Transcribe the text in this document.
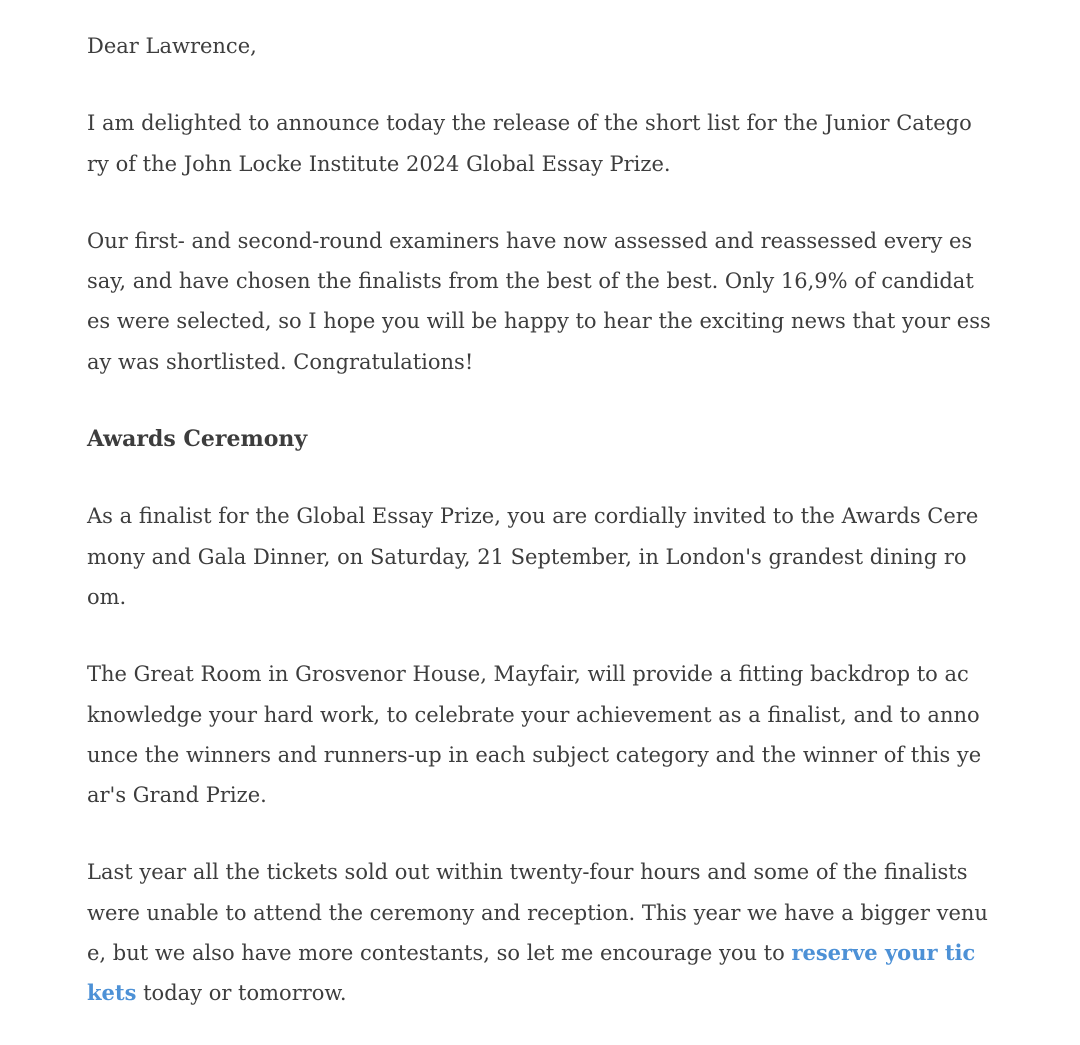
Dear Lawrence,
I am delighted to announce today the release of the short list for the Junior Catego
ry of the John Locke Institute 2024 Global Essay Prize.
Our first- and second-round examiners have now assessed and reassessed every es
say, and have chosen the finalists from the best of the best. Only 16,9% of candidat
es were selected, so I hope you will be happy to hear the exciting news that your ess
ay was shortlisted. Congratulations!
Awards Ceremony
As a finalist for the Global Essay Prize, you are cordially invited to the Awards Cere
mony and Gala Dinner, on Saturday, 21 September, in London's grandest dining ro
om.
The Great Room in Grosvenor House, Mayfair, will provide a fitting backdrop to ac
knowledge your hard work, to celebrate your achievement as a finalist, and to anno
unce the winners and runners-up in each subject category and the winner of this ye
ar's Grand Prize.
Last year all the tickets sold out within twenty-four hours and some of the finalists
were unable to attend the ceremony and reception. This year we have a bigger venu
e, but we also have more contestants, so let me encourage you to reserve your tic
kets today or tomorrow.
